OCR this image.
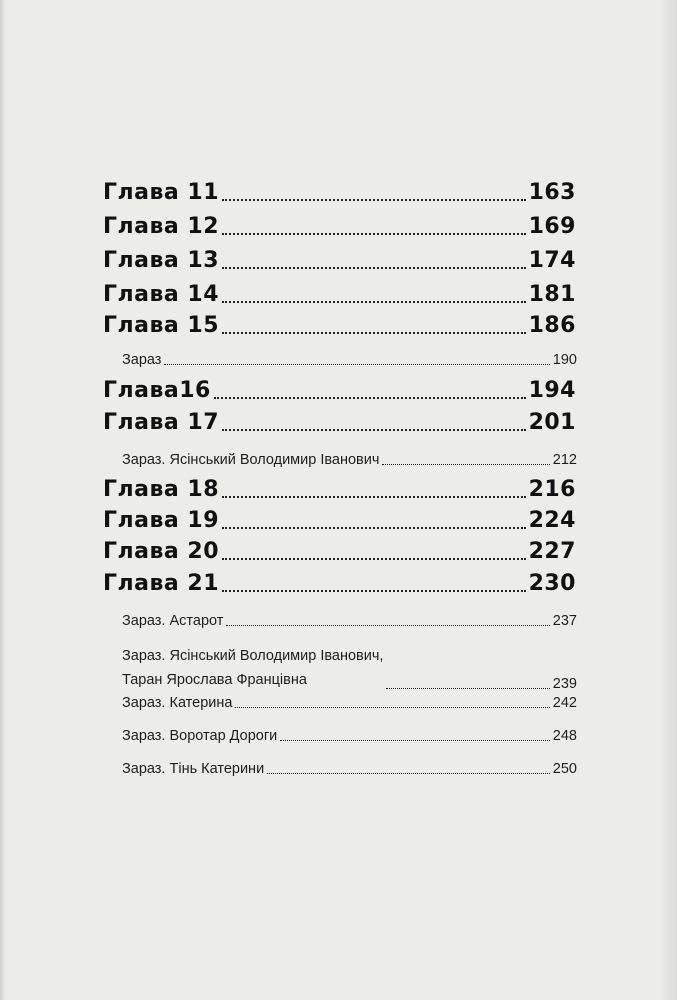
Глава 11	163
Глава 12	169
Глава 13	174
Глава 14	181
Глава 15	186
Зараз	190
Глава16	194
Глава 17	201
Зараз. Ясінський Володимир Іванович	212
Глава 18	216
Глава 19	224
Глава 20	227
Глава 21	230
Зараз. Астарот	237
Зараз. Ясінський Володимир Іванович,
Таран Ярослава Францівна	239
Зараз. Катерина	242
Зараз. Воротар Дороги	248
Зараз. Тінь Катерини	250
